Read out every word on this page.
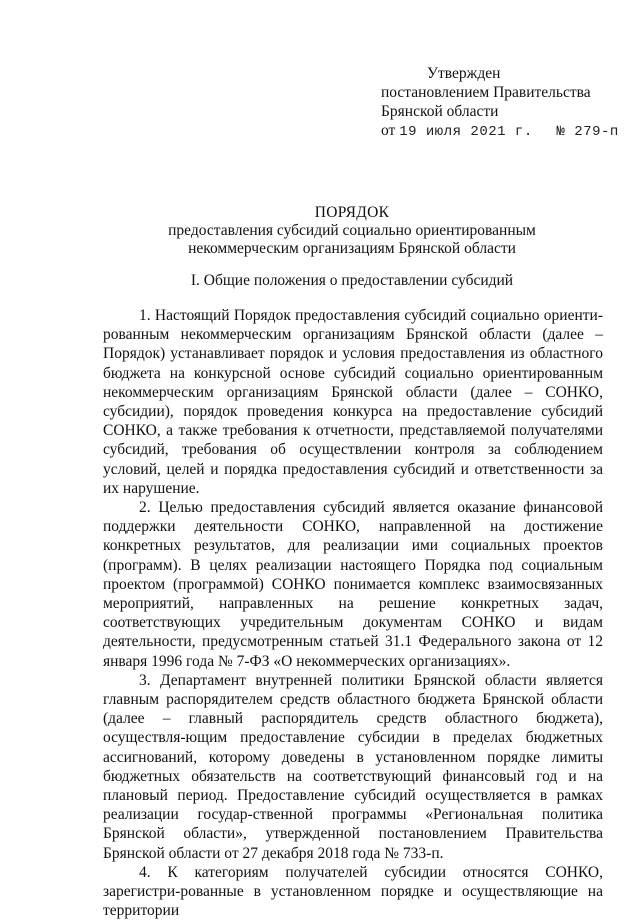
Утвержден
постановлением Правительства
Брянской области
от 19 июля 2021 г. № 279-п
ПОРЯДОК
предоставления субсидий социально ориентированным
некоммерческим организациям Брянской области
I. Общие положения о предоставлении субсидий

1. Настоящий Порядок предоставления субсидий социально ориенти-рованным некоммерческим организациям Брянской области (далее – Порядок) устанавливает порядок и условия предоставления из областного бюджета на конкурсной основе субсидий социально ориентированным некоммерческим организациям Брянской области (далее – СОНКО, субсидии), порядок проведения конкурса на предоставление субсидий СОНКО, а также требования к отчетности, представляемой получателями субсидий, требования об осуществлении контроля за соблюдением условий, целей и порядка предоставления субсидий и ответственности за их нарушение.

2. Целью предоставления субсидий является оказание финансовой поддержки деятельности СОНКО, направленной на достижение конкретных результатов, для реализации ими социальных проектов (программ). В целях реализации настоящего Порядка под социальным проектом (программой) СОНКО понимается комплекс взаимосвязанных мероприятий, направленных на решение конкретных задач, соответствующих учредительным документам СОНКО и видам деятельности, предусмотренным статьей 31.1 Федерального закона от 12 января 1996 года № 7-ФЗ «О некоммерческих организациях».

3. Департамент внутренней политики Брянской области является главным распорядителем средств областного бюджета Брянской области (далее – главный распорядитель средств областного бюджета), осуществля-ющим предоставление субсидии в пределах бюджетных ассигнований, которому доведены в установленном порядке лимиты бюджетных обязательств на соответствующий финансовый год и на плановый период. Предоставление субсидий осуществляется в рамках реализации государ-ственной программы «Региональная политика Брянской области», утвержденной постановлением Правительства Брянской области от 27 декабря 2018 года № 733-п.

4. К категориям получателей субсидии относятся СОНКО, зарегистри-рованные в установленном порядке и осуществляющие на территории
